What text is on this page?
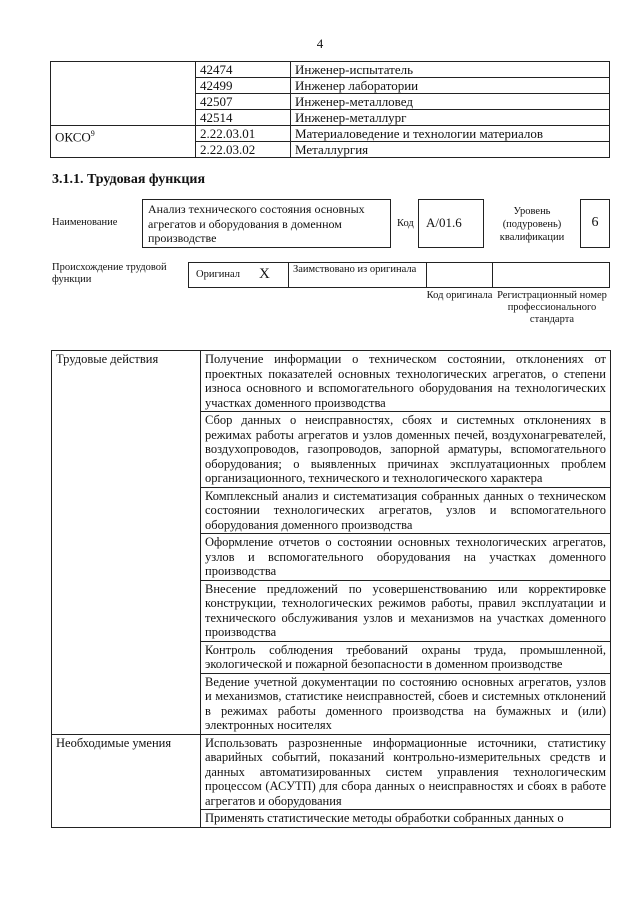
4
	42474	Инженер-испытатель
	42499	Инженер лаборатории
	42507	Инженер-металловед
	42514	Инженер-металлург
ОКСО$^9$	2.22.03.01	Материаловедение и технологии материалов
	2.22.03.02	Металлургия
3.1.1. Трудовая функция
Наименование
Анализ технического состояния основных агрегатов и оборудования в доменном производстве
Код А/01.6
Уровень (подуровень) квалификации
6
Происхождение трудовой функции	Оригинал X Заимствовано из оригинала
Код оригинала Регистрационный номер профессионального стандарта
Трудовые действия	Получение информации о техническом состоянии, отклонениях от проектных показателей основных технологических агрегатов, о степени износа основного и вспомогательного оборудования на технологических участках доменного производства
	Сбор данных о неисправностях, сбоях и системных отклонениях в режимах работы агрегатов и узлов доменных печей, воздухонагревателей, воздухопроводов, газопроводов, запорной арматуры, вспомогательного оборудования; о выявленных причинах эксплуатационных проблем организационного, технического и технологического характера
	Комплексный анализ и систематизация собранных данных о техническом состоянии технологических агрегатов, узлов и вспомогательного оборудования доменного производства
	Оформление отчетов о состоянии основных технологических агрегатов, узлов и вспомогательного оборудования на участках доменного производства
	Внесение предложений по усовершенствованию или корректировке конструкции, технологических режимов работы, правил эксплуатации и технического обслуживания узлов и механизмов на участках доменного производства
	Контроль соблюдения требований охраны труда, промышленной, экологической и пожарной безопасности в доменном производстве
	Ведение учетной документации по состоянию основных агрегатов, узлов и механизмов, статистике неисправностей, сбоев и системных отклонений в режимах работы доменного производства на бумажных и (или) электронных носителях
Необходимые умения	Использовать разрозненные информационные источники, статистику аварийных событий, показаний контрольно-измерительных средств и данных автоматизированных систем управления технологическим процессом (АСУТП) для сбора данных о неисправностях и сбоях в работе агрегатов и оборудования
	Применять статистические методы обработки собранных данных о
